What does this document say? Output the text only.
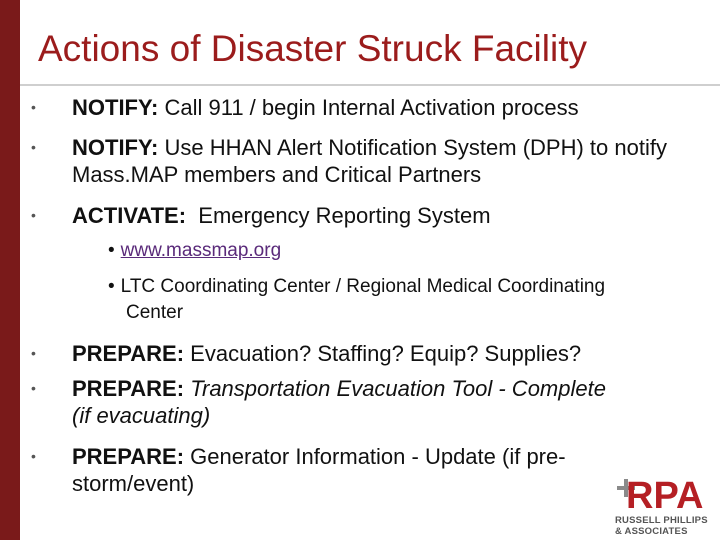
Actions of Disaster Struck Facility
• NOTIFY: Call 911 / begin Internal Activation process
• NOTIFY: Use HHAN Alert Notification System (DPH) to notify Mass.MAP members and Critical Partners
• ACTIVATE:  Emergency Reporting System
• www.massmap.org
• LTC Coordinating Center / Regional Medical Coordinating Center
• PREPARE: Evacuation? Staffing? Equip? Supplies?
• PREPARE: Transportation Evacuation Tool - Complete (if evacuating)
• PREPARE: Generator Information - Update (if pre-storm/event)	RPA
RUSSELL PHILLIPS
& ASSOCIATES
